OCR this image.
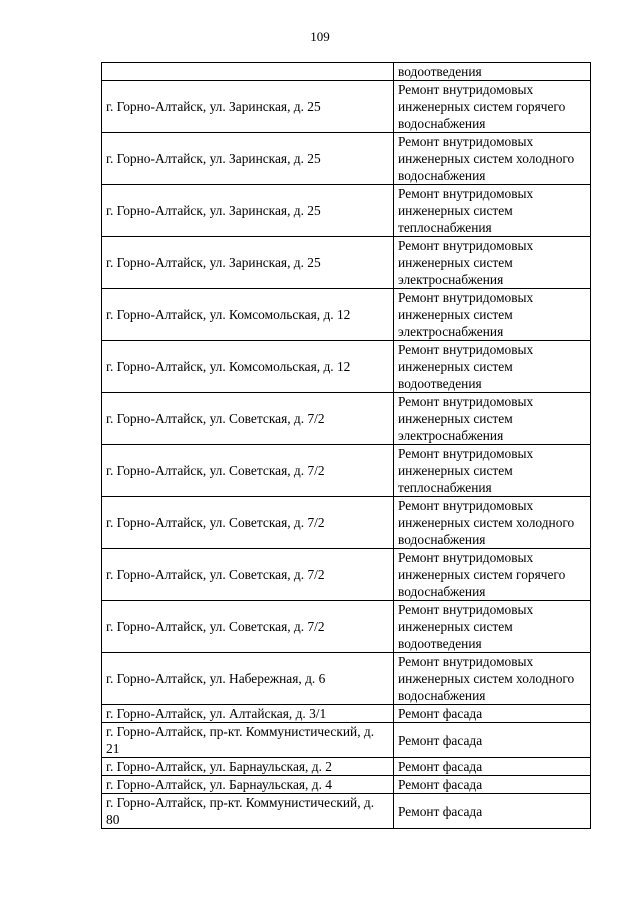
109
	водоотведения
г. Горно-Алтайск, ул. Заринская, д. 25	Ремонт внутридомовых инженерных систем горячего водоснабжения
г. Горно-Алтайск, ул. Заринская, д. 25	Ремонт внутридомовых инженерных систем холодного водоснабжения
г. Горно-Алтайск, ул. Заринская, д. 25	Ремонт внутридомовых инженерных систем теплоснабжения
г. Горно-Алтайск, ул. Заринская, д. 25	Ремонт внутридомовых инженерных систем электроснабжения
г. Горно-Алтайск, ул. Комсомольская, д. 12	Ремонт внутридомовых инженерных систем электроснабжения
г. Горно-Алтайск, ул. Комсомольская, д. 12	Ремонт внутридомовых инженерных систем водоотведения
г. Горно-Алтайск, ул. Советская, д. 7/2	Ремонт внутридомовых инженерных систем электроснабжения
г. Горно-Алтайск, ул. Советская, д. 7/2	Ремонт внутридомовых инженерных систем теплоснабжения
г. Горно-Алтайск, ул. Советская, д. 7/2	Ремонт внутридомовых инженерных систем холодного водоснабжения
г. Горно-Алтайск, ул. Советская, д. 7/2	Ремонт внутридомовых инженерных систем горячего водоснабжения
г. Горно-Алтайск, ул. Советская, д. 7/2	Ремонт внутридомовых инженерных систем водоотведения
г. Горно-Алтайск, ул. Набережная, д. 6	Ремонт внутридомовых инженерных систем холодного водоснабжения
г. Горно-Алтайск, ул. Алтайская, д. 3/1	Ремонт фасада
г. Горно-Алтайск, пр-кт. Коммунистический, д. 21	Ремонт фасада
г. Горно-Алтайск, ул. Барнаульская, д. 2	Ремонт фасада
г. Горно-Алтайск, ул. Барнаульская, д. 4	Ремонт фасада
г. Горно-Алтайск, пр-кт. Коммунистический, д. 80	Ремонт фасада
